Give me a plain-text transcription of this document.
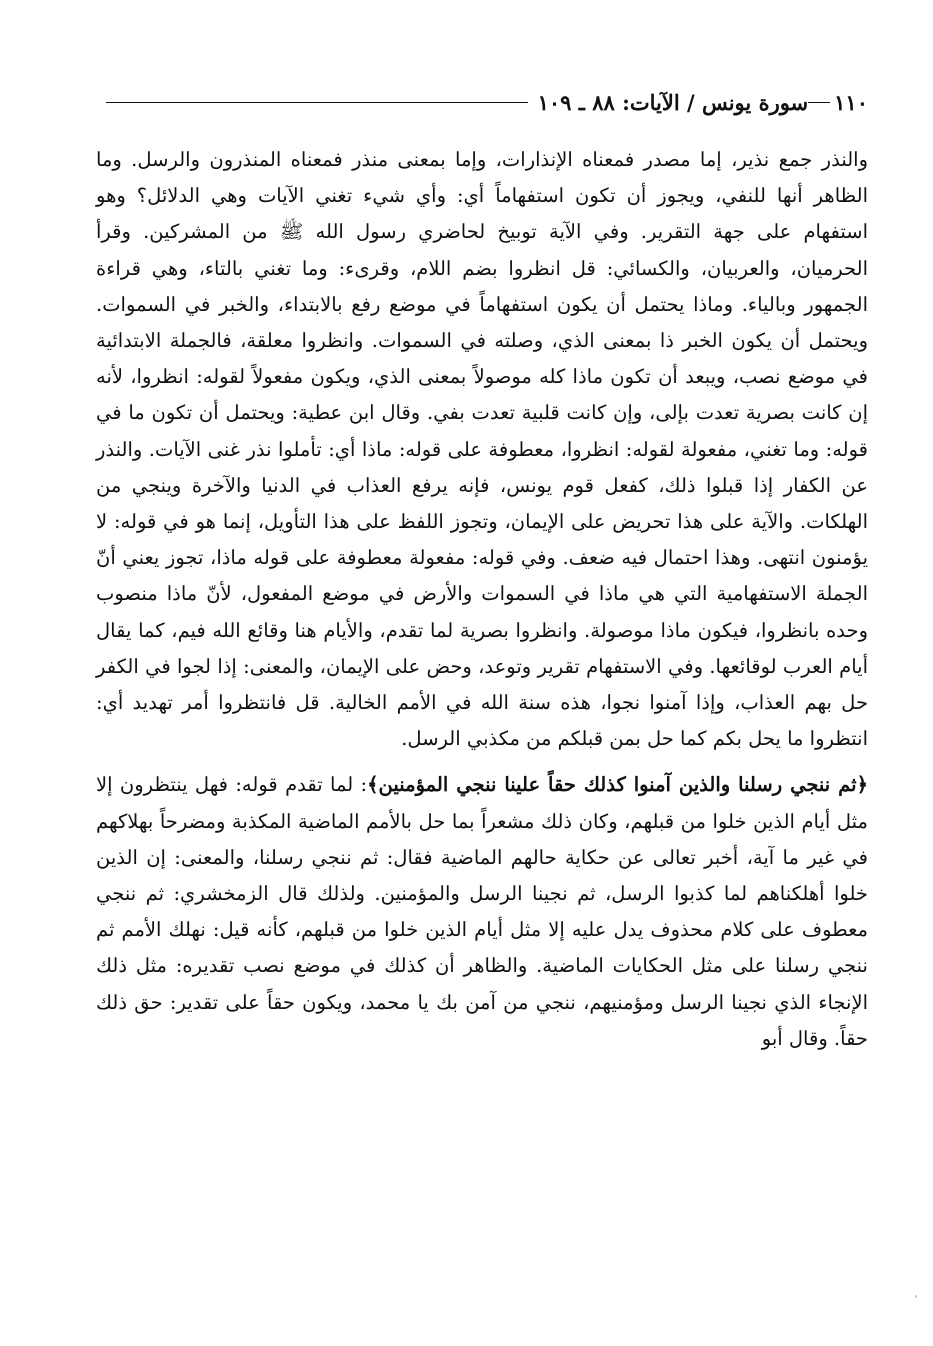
١١٠
سورة يونس / الآيات: ٨٨ ـ ١٠٩

والنذر جمع نذير، إما مصدر فمعناه الإنذارات، وإما بمعنى منذر فمعناه المنذرون والرسل. وما الظاهر أنها للنفي، ويجوز أن تكون استفهاماً أي: وأي شيء تغني الآيات وهي الدلائل؟ وهو استفهام على جهة التقرير. وفي الآية توبيخ لحاضري رسول الله ﷺ من المشركين. وقرأ الحرميان، والعربيان، والكسائي: قل انظروا بضم اللام، وقرىء: وما تغني بالتاء، وهي قراءة الجمهور وبالياء. وماذا يحتمل أن يكون استفهاماً في موضع رفع بالابتداء، والخبر في السموات. ويحتمل أن يكون الخبر ذا بمعنى الذي، وصلته في السموات. وانظروا معلقة، فالجملة الابتدائية في موضع نصب، ويبعد أن تكون ماذا كله موصولاً بمعنى الذي، ويكون مفعولاً لقوله: انظروا، لأنه إن كانت بصرية تعدت بإلى، وإن كانت قلبية تعدت بفي. وقال ابن عطية: ويحتمل أن تكون ما في قوله: وما تغني، مفعولة لقوله: انظروا، معطوفة على قوله: ماذا أي: تأملوا نذر غنى الآيات. والنذر عن الكفار إذا قبلوا ذلك، كفعل قوم يونس، فإنه يرفع العذاب في الدنيا والآخرة وينجي من الهلكات. والآية على هذا تحريض على الإيمان، وتجوز اللفظ على هذا التأويل، إنما هو في قوله: لا يؤمنون انتهى. وهذا احتمال فيه ضعف. وفي قوله: مفعولة معطوفة على قوله ماذا، تجوز يعني أنّ الجملة الاستفهامية التي هي ماذا في السموات والأرض في موضع المفعول، لأنّ ماذا منصوب وحده بانظروا، فيكون ماذا موصولة. وانظروا بصرية لما تقدم، والأيام هنا وقائع الله فيم، كما يقال أيام العرب لوقائعها. وفي الاستفهام تقرير وتوعد، وحض على الإيمان، والمعنى: إذا لجوا في الكفر حل بهم العذاب، وإذا آمنوا نجوا، هذه سنة الله في الأمم الخالية. قل فانتظروا أمر تهديد أي: انتظروا ما يحل بكم كما حل بمن قبلكم من مكذبي الرسل.

﴿ثم ننجي رسلنا والذين آمنوا كذلك حقاً علينا ننجي المؤمنين﴾: لما تقدم قوله: فهل ينتظرون إلا مثل أيام الذين خلوا من قبلهم، وكان ذلك مشعراً بما حل بالأمم الماضية المكذبة ومضرحاً بهلاكهم في غير ما آية، أخبر تعالى عن حكاية حالهم الماضية فقال: ثم ننجي رسلنا، والمعنى: إن الذين خلوا أهلكناهم لما كذبوا الرسل، ثم نجينا الرسل والمؤمنين. ولذلك قال الزمخشري: ثم ننجي معطوف على كلام محذوف يدل عليه إلا مثل أيام الذين خلوا من قبلهم، كأنه قيل: نهلك الأمم ثم ننجي رسلنا على مثل الحكايات الماضية. والظاهر أن كذلك في موضع نصب تقديره: مثل ذلك الإنجاء الذي نجينا الرسل ومؤمنيهم، ننجي من آمن بك يا محمد، ويكون حقاً على تقدير: حق ذلك حقاً. وقال أبو
